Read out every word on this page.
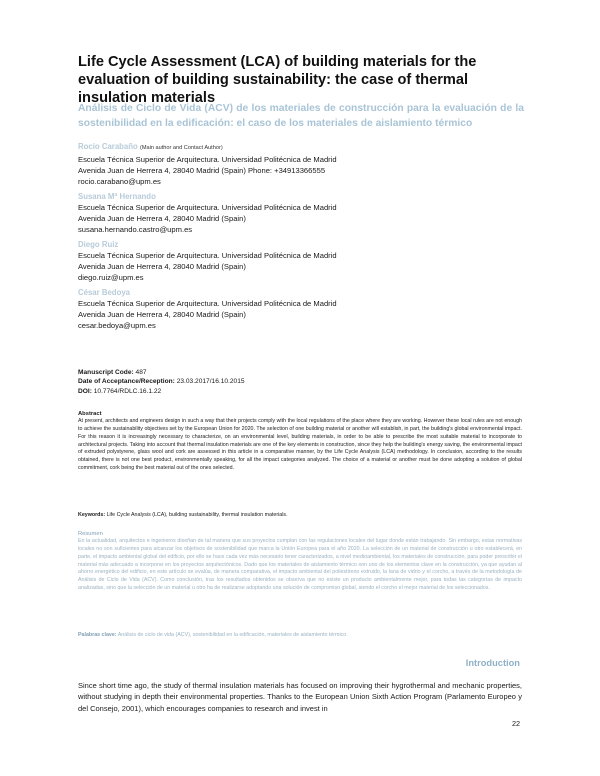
Life Cycle Assessment (LCA) of building materials for the evaluation of building sustainability: the case of thermal insulation materials
Análisis de Ciclo de Vida (ACV) de los materiales de construcción para la evaluación de la sostenibilidad en la edificación: el caso de los materiales de aislamiento térmico
Rocío Carabaño (Main author and Contact Author)
Escuela Técnica Superior de Arquitectura. Universidad Politécnica de Madrid
Avenida Juan de Herrera 4, 28040 Madrid (Spain) Phone: +34913366555
rocio.carabano@upm.es
Susana Mª Hernando
Escuela Técnica Superior de Arquitectura. Universidad Politécnica de Madrid
Avenida Juan de Herrera 4, 28040 Madrid (Spain)
susana.hernando.castro@upm.es
Diego Ruiz
Escuela Técnica Superior de Arquitectura. Universidad Politécnica de Madrid
Avenida Juan de Herrera 4, 28040 Madrid (Spain)
diego.ruiz@upm.es
César Bedoya
Escuela Técnica Superior de Arquitectura. Universidad Politécnica de Madrid
Avenida Juan de Herrera 4, 28040 Madrid (Spain)
cesar.bedoya@upm.es
Manuscript Code: 487
Date of Acceptance/Reception: 23.03.2017/16.10.2015
DOI: 10.7764/RDLC.16.1.22
Abstract
At present, architects and engineers design in such a way that their projects comply with the local regulations of the place where they are working. However these local rules are not enough to achieve the sustainability objectives set by the European Union for 2020. The selection of one building material or another will establish, in part, the building's global environmental impact. For this reason it is increasingly necessary to characterize, on an environmental level, building materials, in order to be able to prescribe the most suitable material to incorporate to architectural projects. Taking into account that thermal insulation materials are one of the key elements in construction, since they help the building's energy saving, the environmental impact of extruded polystyrene, glass wool and cork are assessed in this article in a comparative manner, by the Life Cycle Analysis (LCA) methodology. In conclusion, according to the results obtained, there is not one best product, environmentally speaking, for all the impact categories analyzed. The choice of a material or another must be done adopting a solution of global commitment, cork being the best material out of the ones selected.
Keywords: Life Cycle Analysis (LCA), building sustainability, thermal insulation materials.
Resumen
En la actualidad, arquitectos e ingenieros diseñan de tal manera que sus proyectos cumplan con las regulaciones locales del lugar donde están trabajando. Sin embargo, estas normativas locales no son suficientes para alcanzar los objetivos de sostenibilidad que marca la Unión Europea para el año 2020. La selección de un material de construcción u otro establecerá, en parte, el impacto ambiental global del edificio, por ello se hace cada vez más necesario tener caracterizados, a nivel medioambiental, los materiales de construcción, para poder prescribir el material más adecuado a incorporar en los proyectos arquitectónicos. Dado que los materiales de aislamiento térmico son uno de los elementos clave en la construcción, ya que ayudan al ahorro energético del edificio, en este artículo se evalúa, de manera comparativa, el impacto ambiental del poliestireno extruido, la lana de vidrio y el corcho, a través de la metodología de Análisis de Ciclo de Vida (ACV). Como conclusión, tras los resultados obtenidos se observa que no existe un producto ambientalmente mejor, para todas las categorías de impacto analizadas, sino que la selección de un material u otro ha de realizarse adoptando una solución de compromiso global, siendo el corcho el mejor material de los seleccionados.
Palabras clave: Análisis de ciclo de vida (ACV), sostenibilidad en la edificación, materiales de aislamiento térmico.
Introduction
Since short time ago, the study of thermal insulation materials has focused on improving their hygrothermal and mechanic properties, without studying in depth their environmental properties. Thanks to the European Union Sixth Action Program (Parlamento Europeo y del Consejo, 2001), which encourages companies to research and invest in
22
